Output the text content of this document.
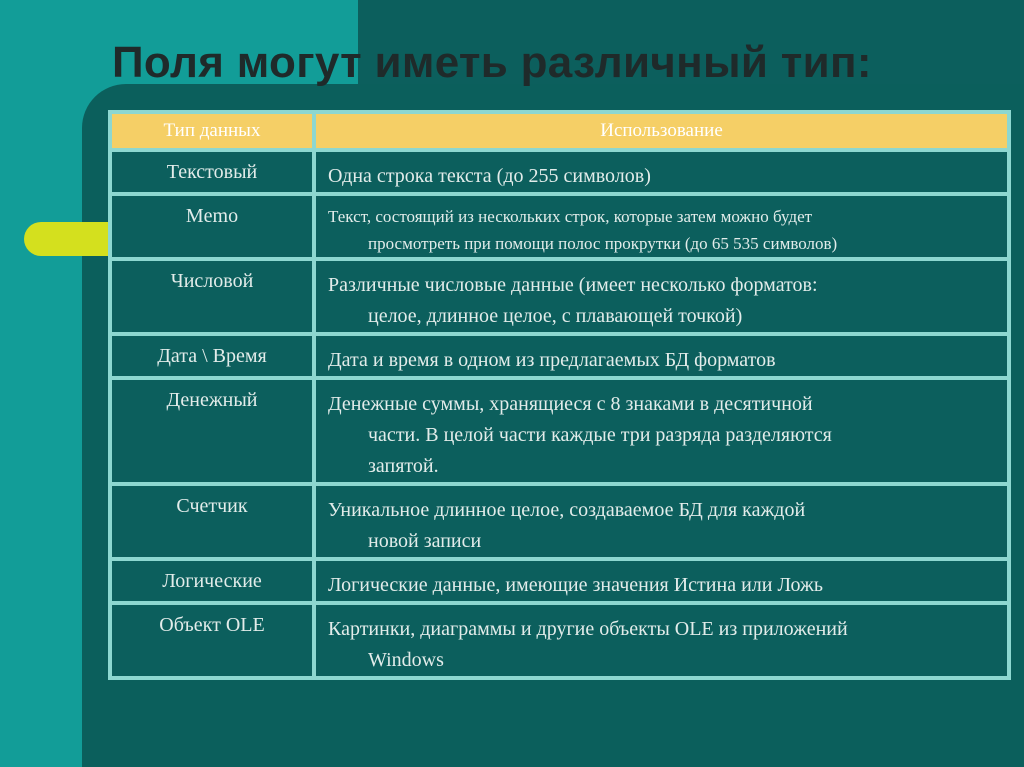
Поля могут иметь различный тип:
Тип данных	Использование
Текстовый	Одна строка текста (до 255 символов)
Memo	Текст, состоящий из нескольких строк, которые затем можно будет
просмотреть при помощи полос прокрутки (до 65 535 символов)

Числовой	Различные числовые данные (имеет несколько форматов:
целое, длинное целое, с плавающей точкой)

Дата \ Время	Дата и время в одном из предлагаемых БД форматов
Денежный	Денежные суммы, хранящиеся с 8 знаками в десятичной
части. В целой части каждые три разряда разделяются
запятой.

Счетчик	Уникальное длинное целое, создаваемое БД для каждой
новой записи

Логические	Логические данные, имеющие значения Истина или Ложь
Объект OLE	Картинки, диаграммы и другие объекты OLE из приложений
Windows
